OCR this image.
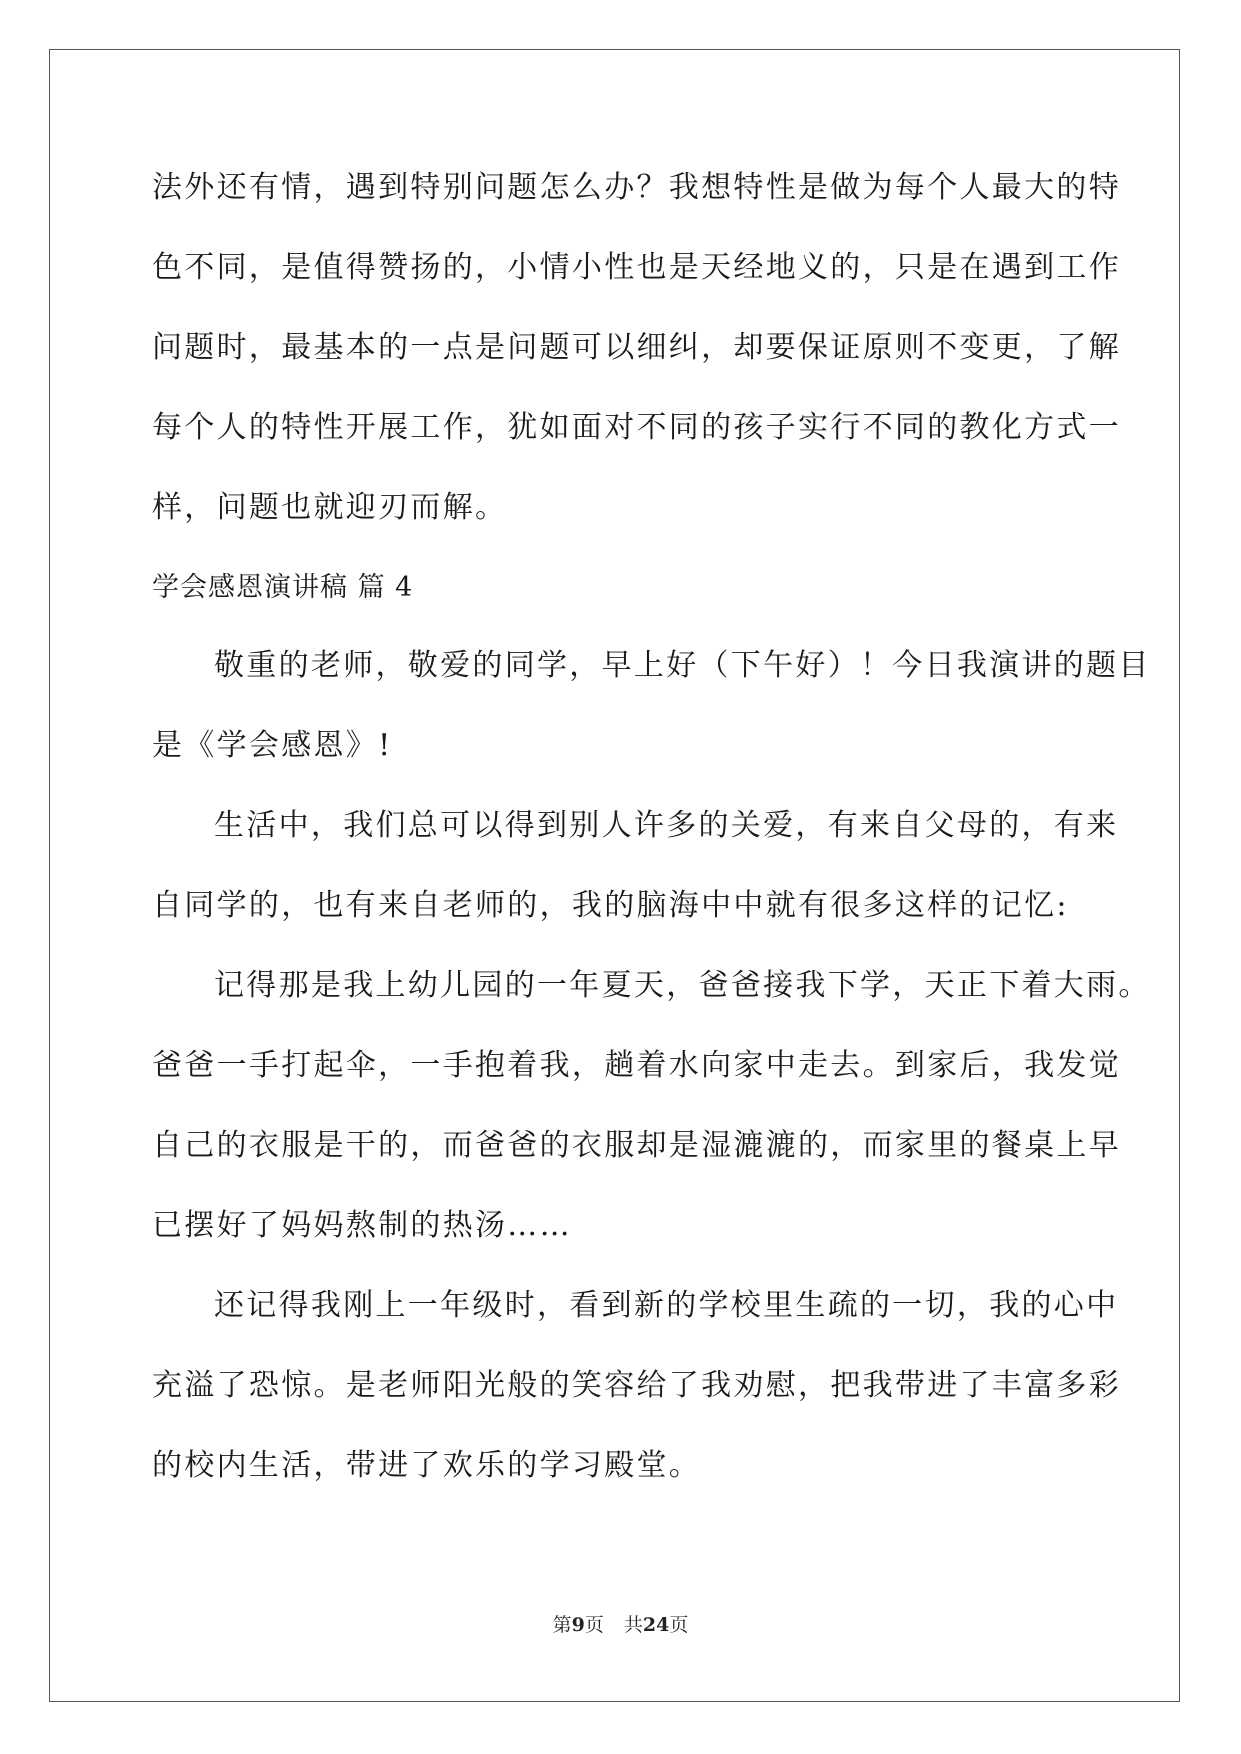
法外还有情，遇到特别问题怎么办？我想特性是做为每个人最大的特
色不同，是值得赞扬的，小情小性也是天经地义的，只是在遇到工作
问题时，最基本的一点是问题可以细纠，却要保证原则不变更，了解
每个人的特性开展工作，犹如面对不同的孩子实行不同的教化方式一
样，问题也就迎刃而解。
学会感恩演讲稿 篇 4
敬重的老师，敬爱的同学，早上好（下午好）！今日我演讲的题目
是《学会感恩》!
生活中，我们总可以得到别人许多的关爱，有来自父母的，有来
自同学的，也有来自老师的，我的脑海中中就有很多这样的记忆:
记得那是我上幼儿园的一年夏天，爸爸接我下学，天正下着大雨。
爸爸一手打起伞，一手抱着我，趟着水向家中走去。到家后，我发觉
自己的衣服是干的，而爸爸的衣服却是湿漉漉的，而家里的餐桌上早
已摆好了妈妈熬制的热汤……
还记得我刚上一年级时，看到新的学校里生疏的一切，我的心中
充溢了恐惊。是老师阳光般的笑容给了我劝慰，把我带进了丰富多彩
的校内生活，带进了欢乐的学习殿堂。
第9页 共24页
